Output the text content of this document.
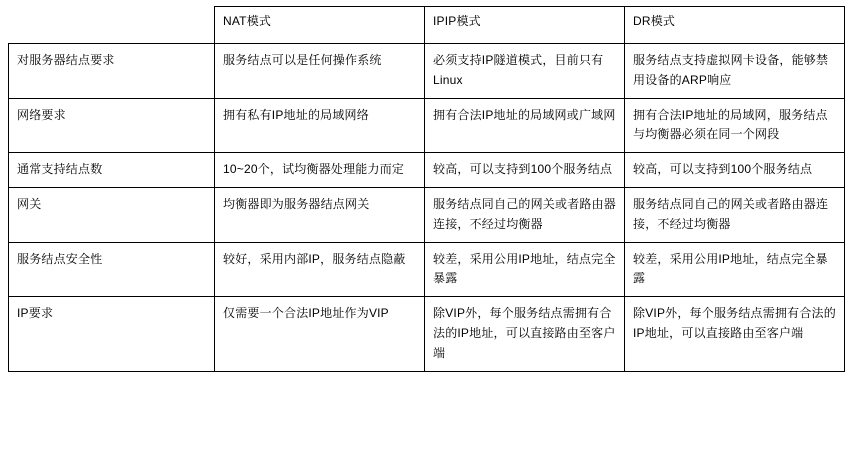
	NAT模式	IPIP模式	DR模式

对服务器结点要求	服务结点可以是任何操作系统	必须支持IP隧道模式，目前只有Linux	服务结点支持虚拟网卡设备，能够禁用设备的ARP响应
网络要求	拥有私有IP地址的局域网络	拥有合法IP地址的局域网或广域网	拥有合法IP地址的局域网，服务结点与均衡器必须在同一个网段
通常支持结点数	10~20个，试均衡器处理能力而定	较高，可以支持到100个服务结点	较高，可以支持到100个服务结点
网关	均衡器即为服务器结点网关	服务结点同自己的网关或者路由器连接，不经过均衡器	服务结点同自己的网关或者路由器连接，不经过均衡器
服务结点安全性	较好，采用内部IP，服务结点隐蔽	较差，采用公用IP地址，结点完全暴露	较差，采用公用IP地址，结点完全暴露
IP要求	仅需要一个合法IP地址作为VIP	除VIP外，每个服务结点需拥有合法的IP地址，可以直接路由至客户端	除VIP外，每个服务结点需拥有合法的IP地址，可以直接路由至客户端
